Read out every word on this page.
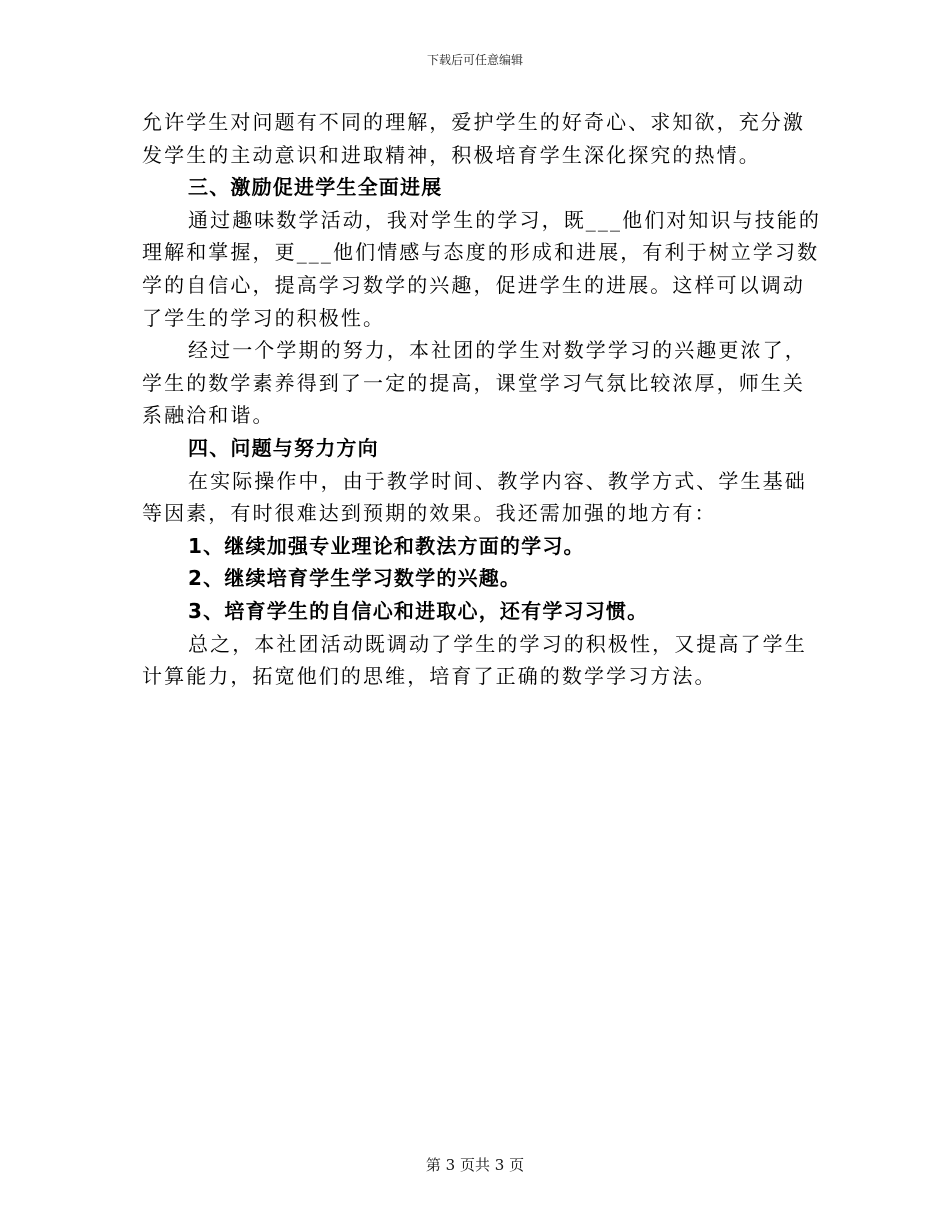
下载后可任意编辑
允许学生对问题有不同的理解，爱护学生的好奇心、求知欲，充分激
发学生的主动意识和进取精神，积极培育学生深化探究的热情。
三、激励促进学生全面进展
通过趣味数学活动，我对学生的学习，既___他们对知识与技能的
理解和掌握，更___他们情感与态度的形成和进展，有利于树立学习数
学的自信心，提高学习数学的兴趣，促进学生的进展。这样可以调动
了学生的学习的积极性。
经过一个学期的努力，本社团的学生对数学学习的兴趣更浓了，
学生的数学素养得到了一定的提高，课堂学习气氛比较浓厚，师生关
系融洽和谐。
四、问题与努力方向
在实际操作中，由于教学时间、教学内容、教学方式、学生基础
等因素，有时很难达到预期的效果。我还需加强的地方有：
1、继续加强专业理论和教法方面的学习。
2、继续培育学生学习数学的兴趣。
3、培育学生的自信心和进取心，还有学习习惯。
总之，本社团活动既调动了学生的学习的积极性，又提高了学生
计算能力，拓宽他们的思维，培育了正确的数学学习方法。
第 3 页共 3 页
